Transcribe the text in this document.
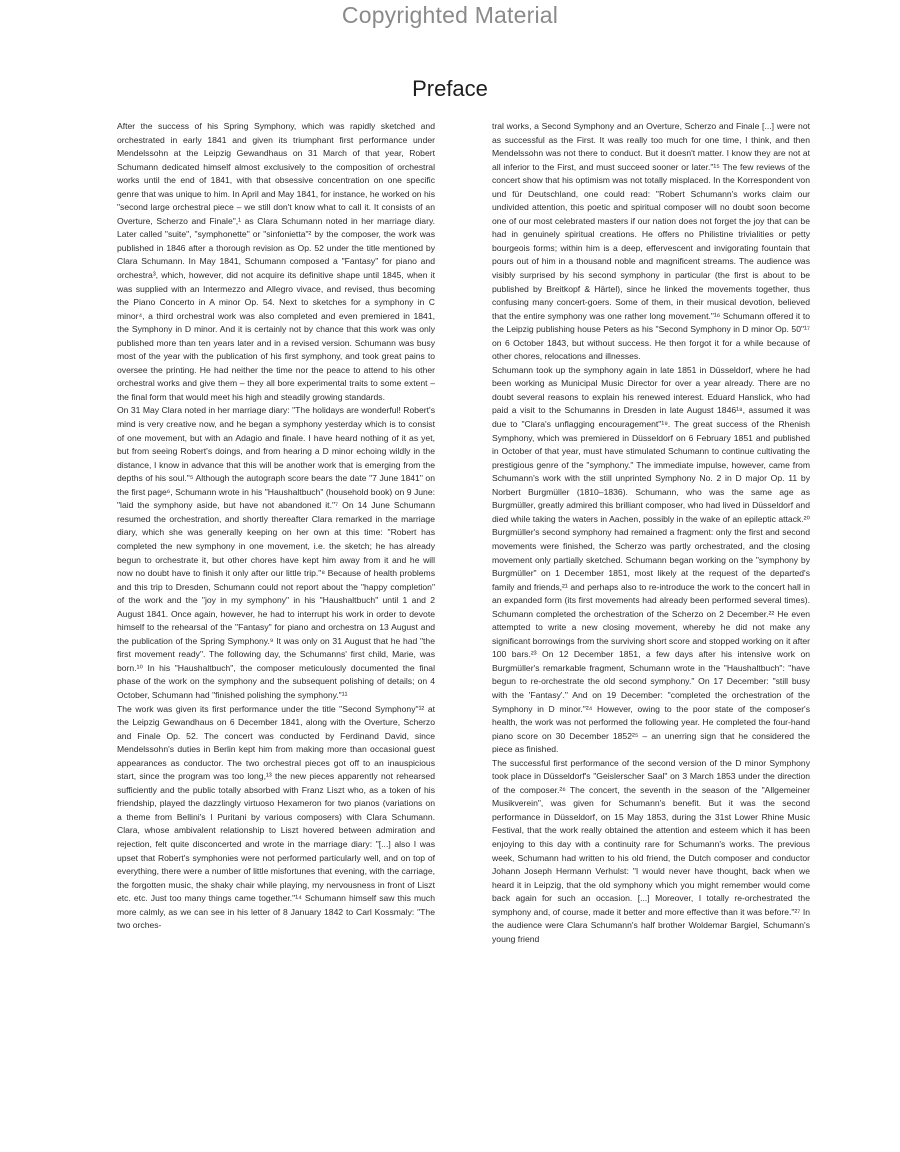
Copyrighted Material
Preface

After the success of his Spring Symphony, which was rapidly sketched and orchestrated in early 1841 and given its triumphant first performance under Mendelssohn at the Leipzig Gewandhaus on 31 March of that year, Robert Schumann dedicated himself almost exclusively to the composition of orchestral works until the end of 1841, with that obsessive concentration on one specific genre that was unique to him. In April and May 1841, for instance, he worked on his "second large orchestral piece – we still don't know what to call it. It consists of an Overture, Scherzo and Finale",¹ as Clara Schumann noted in her marriage diary. Later called "suite", "symphonette" or "sinfonietta"² by the composer, the work was published in 1846 after a thorough revision as Op. 52 under the title mentioned by Clara Schumann. In May 1841, Schumann composed a "Fantasy" for piano and orchestra³, which, however, did not acquire its definitive shape until 1845, when it was supplied with an Intermezzo and Allegro vivace, and revised, thus becoming the Piano Concerto in A minor Op. 54. Next to sketches for a symphony in C minor⁴, a third orchestral work was also completed and even premiered in 1841, the Symphony in D minor. And it is certainly not by chance that this work was only published more than ten years later and in a revised version. Schumann was busy most of the year with the publication of his first symphony, and took great pains to oversee the printing. He had neither the time nor the peace to attend to his other orchestral works and give them – they all bore experimental traits to some extent – the final form that would meet his high and steadily growing standards.

On 31 May Clara noted in her marriage diary: "The holidays are wonderful! Robert's mind is very creative now, and he began a symphony yesterday which is to consist of one movement, but with an Adagio and finale. I have heard nothing of it as yet, but from seeing Robert's doings, and from hearing a D minor echoing wildly in the distance, I know in advance that this will be another work that is emerging from the depths of his soul."⁵ Although the autograph score bears the date "7 June 1841" on the first page⁶, Schumann wrote in his "Haushaltbuch" (household book) on 9 June: "laid the symphony aside, but have not abandoned it."⁷ On 14 June Schumann resumed the orchestration, and shortly thereafter Clara remarked in the marriage diary, which she was generally keeping on her own at this time: "Robert has completed the new symphony in one movement, i.e. the sketch; he has already begun to orchestrate it, but other chores have kept him away from it and he will now no doubt have to finish it only after our little trip."⁸ Because of health problems and this trip to Dresden, Schumann could not report about the "happy completion" of the work and the "joy in my symphony" in his "Haushaltbuch" until 1 and 2 August 1841. Once again, however, he had to interrupt his work in order to devote himself to the rehearsal of the "Fantasy" for piano and orchestra on 13 August and the publication of the Spring Symphony.⁹ It was only on 31 August that he had "the first movement ready". The following day, the Schumanns' first child, Marie, was born.¹⁰ In his "Haushaltbuch", the composer meticulously documented the final phase of the work on the symphony and the subsequent polishing of details; on 4 October, Schumann had "finished polishing the symphony."¹¹

The work was given its first performance under the title "Second Symphony"¹² at the Leipzig Gewandhaus on 6 December 1841, along with the Overture, Scherzo and Finale Op. 52. The concert was conducted by Ferdinand David, since Mendelssohn's duties in Berlin kept him from making more than occasional guest appearances as conductor. The two orchestral pieces got off to an inauspicious start, since the program was too long,¹³ the new pieces apparently not rehearsed sufficiently and the public totally absorbed with Franz Liszt who, as a token of his friendship, played the dazzlingly virtuoso Hexameron for two pianos (variations on a theme from Bellini's I Puritani by various composers) with Clara Schumann. Clara, whose ambivalent relationship to Liszt hovered between admiration and rejection, felt quite disconcerted and wrote in the marriage diary: "[...] also I was upset that Robert's symphonies were not performed particularly well, and on top of everything, there were a number of little misfortunes that evening, with the carriage, the forgotten music, the shaky chair while playing, my nervousness in front of Liszt etc. etc. Just too many things came together."¹⁴ Schumann himself saw this much more calmly, as we can see in his letter of 8 January 1842 to Carl Kossmaly: "The two orches-

tral works, a Second Symphony and an Overture, Scherzo and Finale [...] were not as successful as the First. It was really too much for one time, I think, and then Mendelssohn was not there to conduct. But it doesn't matter. I know they are not at all inferior to the First, and must succeed sooner or later."¹⁵ The few reviews of the concert show that his optimism was not totally misplaced. In the Korrespondent von und für Deutschland, one could read: "Robert Schumann's works claim our undivided attention, this poetic and spiritual composer will no doubt soon become one of our most celebrated masters if our nation does not forget the joy that can be had in genuinely spiritual creations. He offers no Philistine trivialities or petty bourgeois forms; within him is a deep, effervescent and invigorating fountain that pours out of him in a thousand noble and magnificent streams. The audience was visibly surprised by his second symphony in particular (the first is about to be published by Breitkopf & Härtel), since he linked the movements together, thus confusing many concert-goers. Some of them, in their musical devotion, believed that the entire symphony was one rather long movement."¹⁶ Schumann offered it to the Leipzig publishing house Peters as his "Second Symphony in D minor Op. 50"¹⁷ on 6 October 1843, but without success. He then forgot it for a while because of other chores, relocations and illnesses.

Schumann took up the symphony again in late 1851 in Düsseldorf, where he had been working as Municipal Music Director for over a year already. There are no doubt several reasons to explain his renewed interest. Eduard Hanslick, who had paid a visit to the Schumanns in Dresden in late August 1846¹⁸, assumed it was due to "Clara's unflagging encouragement"¹⁹. The great success of the Rhenish Symphony, which was premiered in Düsseldorf on 6 February 1851 and published in October of that year, must have stimulated Schumann to continue cultivating the prestigious genre of the "symphony." The immediate impulse, however, came from Schumann's work with the still unprinted Symphony No. 2 in D major Op. 11 by Norbert Burgmüller (1810–1836). Schumann, who was the same age as Burgmüller, greatly admired this brilliant composer, who had lived in Düsseldorf and died while taking the waters in Aachen, possibly in the wake of an epileptic attack.²⁰ Burgmüller's second symphony had remained a fragment: only the first and second movements were finished, the Scherzo was partly orchestrated, and the closing movement only partially sketched. Schumann began working on the "symphony by Burgmüller" on 1 December 1851, most likely at the request of the departed's family and friends,²¹ and perhaps also to re-introduce the work to the concert hall in an expanded form (its first movements had already been performed several times). Schumann completed the orchestration of the Scherzo on 2 December.²² He even attempted to write a new closing movement, whereby he did not make any significant borrowings from the surviving short score and stopped working on it after 100 bars.²³ On 12 December 1851, a few days after his intensive work on Burgmüller's remarkable fragment, Schumann wrote in the "Haushaltbuch": "have begun to re-orchestrate the old second symphony." On 17 December: "still busy with the 'Fantasy'." And on 19 December: "completed the orchestration of the Symphony in D minor."²⁴ However, owing to the poor state of the composer's health, the work was not performed the following year. He completed the four-hand piano score on 30 December 1852²⁵ – an unerring sign that he considered the piece as finished.

The successful first performance of the second version of the D minor Symphony took place in Düsseldorf's "Geislerscher Saal" on 3 March 1853 under the direction of the composer.²⁶ The concert, the seventh in the season of the "Allgemeiner Musikverein", was given for Schumann's benefit. But it was the second performance in Düsseldorf, on 15 May 1853, during the 31st Lower Rhine Music Festival, that the work really obtained the attention and esteem which it has been enjoying to this day with a continuity rare for Schumann's works. The previous week, Schumann had written to his old friend, the Dutch composer and conductor Johann Joseph Hermann Verhulst: "I would never have thought, back when we heard it in Leipzig, that the old symphony which you might remember would come back again for such an occasion. [...] Moreover, I totally re-orchestrated the symphony and, of course, made it better and more effective than it was before."²⁷ In the audience were Clara Schumann's half brother Woldemar Bargiel, Schumann's young friend
